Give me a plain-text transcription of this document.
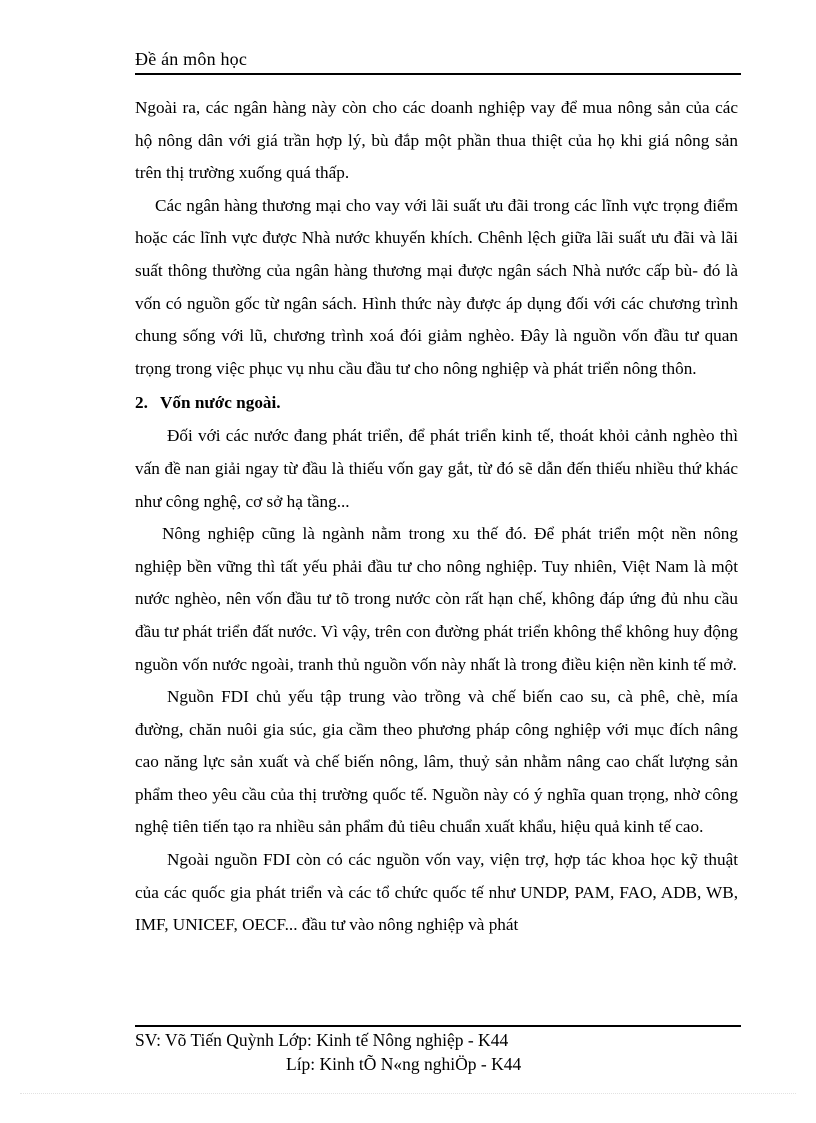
Đề án môn học

Ngoài ra, các ngân hàng này còn cho các doanh nghiệp vay để mua nông sản của các hộ nông dân với giá trần hợp lý, bù đắp một phần thua thiệt của họ khi giá nông sản trên thị trường xuống quá thấp.

Các ngân hàng thương mại cho vay với lãi suất ưu đãi trong các lĩnh vực trọng điểm hoặc các lĩnh vực được Nhà nước khuyến khích. Chênh lệch giữa lãi suất ưu đãi và lãi suất thông thường của ngân hàng thương mại được ngân sách Nhà nước cấp bù- đó là vốn có nguồn gốc từ ngân sách. Hình thức này được áp dụng đối với các chương trình chung sống với lũ, chương trình xoá đói giảm nghèo. Đây là nguồn vốn đầu tư quan trọng trong việc phục vụ nhu cầu đầu tư cho nông nghiệp và phát triển nông thôn.

2. Vốn nước ngoài.

Đối với các nước đang phát triển, để phát triển kinh tế, thoát khỏi cảnh nghèo thì vấn đề nan giải ngay từ đầu là thiếu vốn gay gắt, từ đó sẽ dẫn đến thiếu nhiều thứ khác như công nghệ, cơ sở hạ tầng...

Nông nghiệp cũng là ngành nằm trong xu thế đó. Để phát triển một nền nông nghiệp bền vững thì tất yếu phải đầu tư cho nông nghiệp. Tuy nhiên, Việt Nam là một nước nghèo, nên vốn đầu tư tõ trong nước còn rất hạn chế, không đáp ứng đủ nhu cầu đầu tư phát triển đất nước. Vì vậy, trên con đường phát triển không thể không huy động nguồn vốn nước ngoài, tranh thủ nguồn vốn này nhất là trong điều kiện nền kinh tế mở.

Nguồn FDI chủ yếu tập trung vào trồng và chế biến cao su, cà phê, chè, mía đường, chăn nuôi gia súc, gia cầm theo phương pháp công nghiệp với mục đích nâng cao năng lực sản xuất và chế biến nông, lâm, thuỷ sản nhằm nâng cao chất lượng sản phẩm theo yêu cầu của thị trường quốc tế. Nguồn này có ý nghĩa quan trọng, nhờ công nghệ tiên tiến tạo ra nhiều sản phẩm đủ tiêu chuẩn xuất khẩu, hiệu quả kinh tế cao.

Ngoài nguồn FDI còn có các nguồn vốn vay, viện trợ, hợp tác khoa học kỹ thuật của các quốc gia phát triển và các tổ chức quốc tế như UNDP, PAM, FAO, ADB, WB, IMF, UNICEF, OECF... đầu tư vào nông nghiệp và phát

SV: Võ Tiến Quỳnh Lớp: Kinh tế Nông nghiệp - K44
Líp: Kinh tÕ N«ng nghiÖp - K44
